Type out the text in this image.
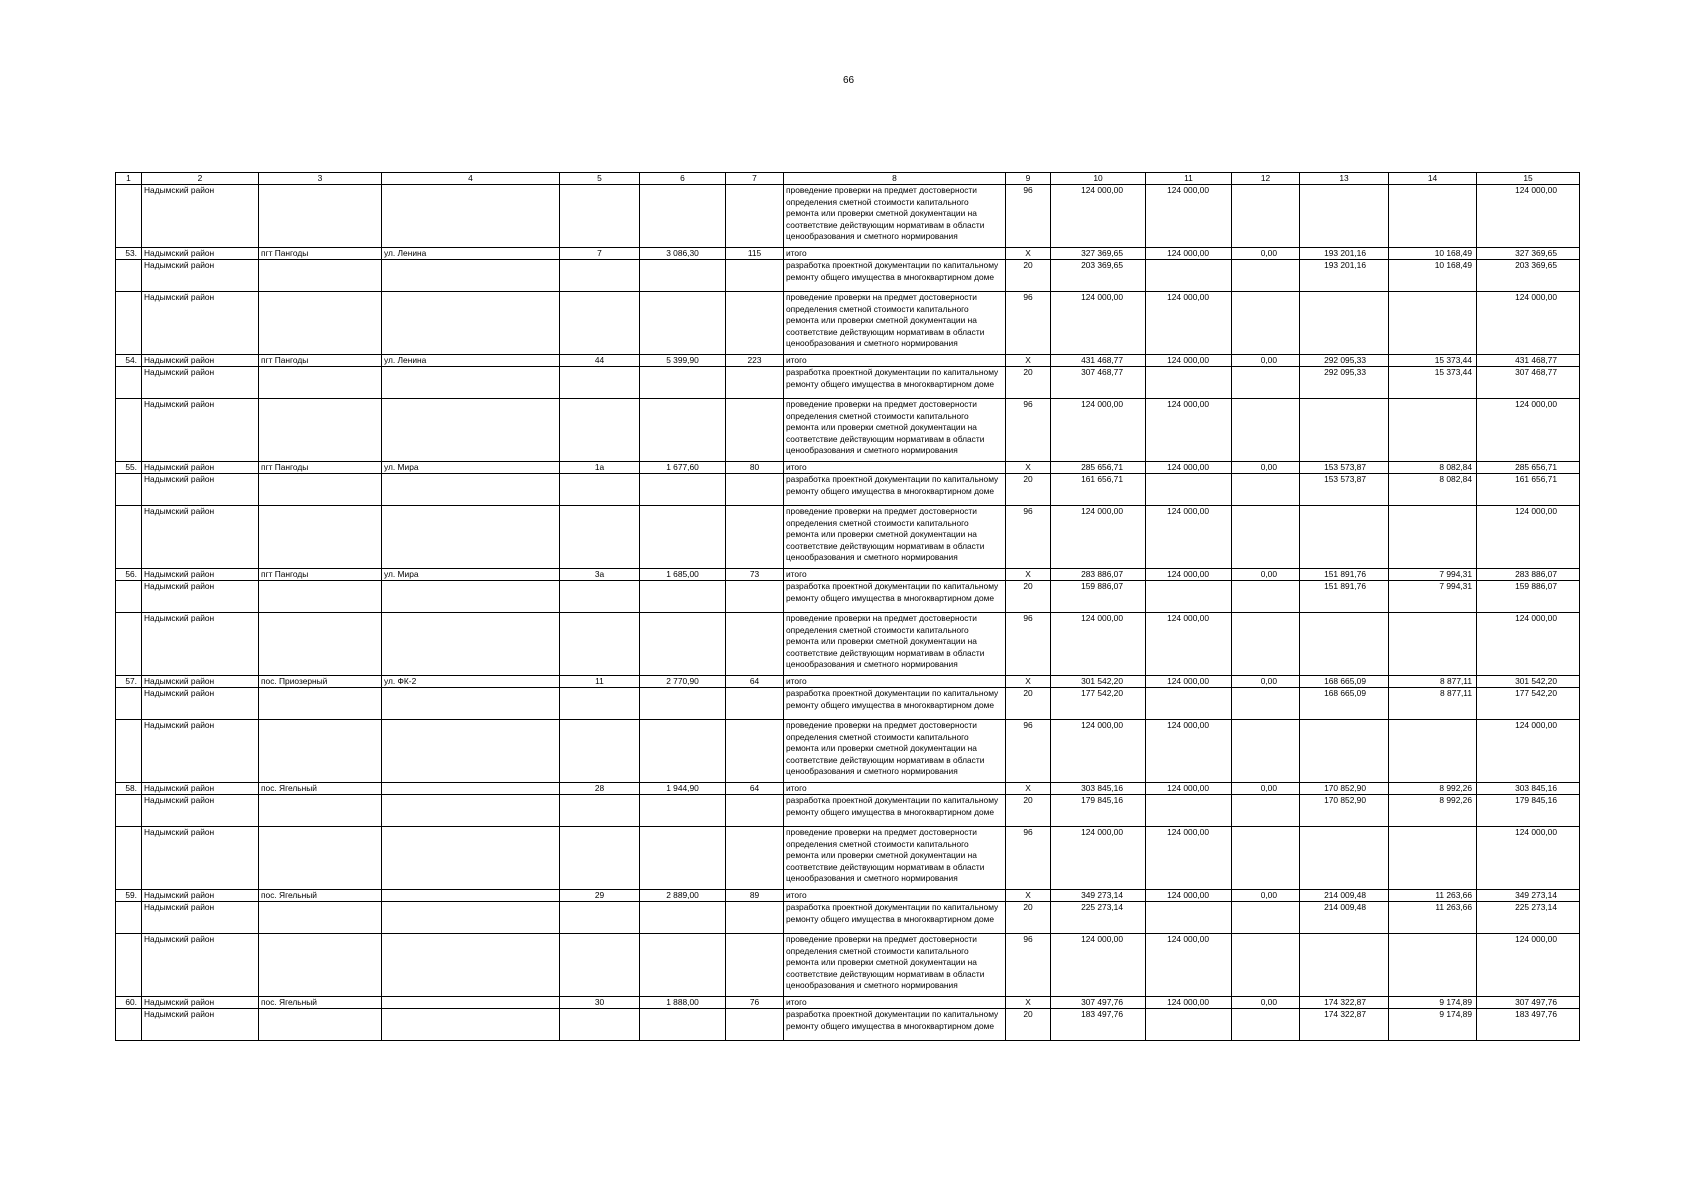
66
1	2	3	4	5	6	7	8	9	10	11	12	13	14	15
	Надымский район						проведение проверки на предмет достоверности определения сметной стоимости капитального ремонта или проверки сметной документации на соответствие действующим нормативам в области ценообразования и сметного нормирования	96	124 000,00	124 000,00				124 000,00
53.	Надымский район	пгт Пангоды	ул. Ленина	7	3 086,30	115	итого	X	327 369,65	124 000,00	0,00	193 201,16	10 168,49	327 369,65
	Надымский район						разработка проектной документации по капитальному ремонту общего имущества в многоквартирном доме	20	203 369,65			193 201,16	10 168,49	203 369,65
	Надымский район						проведение проверки на предмет достоверности определения сметной стоимости капитального ремонта или проверки сметной документации на соответствие действующим нормативам в области ценообразования и сметного нормирования	96	124 000,00	124 000,00				124 000,00
54.	Надымский район	пгт Пангоды	ул. Ленина	44	5 399,90	223	итого	X	431 468,77	124 000,00	0,00	292 095,33	15 373,44	431 468,77
	Надымский район						разработка проектной документации по капитальному ремонту общего имущества в многоквартирном доме	20	307 468,77			292 095,33	15 373,44	307 468,77
	Надымский район						проведение проверки на предмет достоверности определения сметной стоимости капитального ремонта или проверки сметной документации на соответствие действующим нормативам в области ценообразования и сметного нормирования	96	124 000,00	124 000,00				124 000,00
55.	Надымский район	пгт Пангоды	ул. Мира	1а	1 677,60	80	итого	X	285 656,71	124 000,00	0,00	153 573,87	8 082,84	285 656,71
	Надымский район						разработка проектной документации по капитальному ремонту общего имущества в многоквартирном доме	20	161 656,71			153 573,87	8 082,84	161 656,71
	Надымский район						проведение проверки на предмет достоверности определения сметной стоимости капитального ремонта или проверки сметной документации на соответствие действующим нормативам в области ценообразования и сметного нормирования	96	124 000,00	124 000,00				124 000,00
56.	Надымский район	пгт Пангоды	ул. Мира	3а	1 685,00	73	итого	X	283 886,07	124 000,00	0,00	151 891,76	7 994,31	283 886,07
	Надымский район						разработка проектной документации по капитальному ремонту общего имущества в многоквартирном доме	20	159 886,07			151 891,76	7 994,31	159 886,07
	Надымский район						проведение проверки на предмет достоверности определения сметной стоимости капитального ремонта или проверки сметной документации на соответствие действующим нормативам в области ценообразования и сметного нормирования	96	124 000,00	124 000,00				124 000,00
57.	Надымский район	пос. Приозерный	ул. ФК-2	11	2 770,90	64	итого	X	301 542,20	124 000,00	0,00	168 665,09	8 877,11	301 542,20
	Надымский район						разработка проектной документации по капитальному ремонту общего имущества в многоквартирном доме	20	177 542,20			168 665,09	8 877,11	177 542,20
	Надымский район						проведение проверки на предмет достоверности определения сметной стоимости капитального ремонта или проверки сметной документации на соответствие действующим нормативам в области ценообразования и сметного нормирования	96	124 000,00	124 000,00				124 000,00
58.	Надымский район	пос. Ягельный		28	1 944,90	64	итого	X	303 845,16	124 000,00	0,00	170 852,90	8 992,26	303 845,16
	Надымский район						разработка проектной документации по капитальному ремонту общего имущества в многоквартирном доме	20	179 845,16			170 852,90	8 992,26	179 845,16
	Надымский район						проведение проверки на предмет достоверности определения сметной стоимости капитального ремонта или проверки сметной документации на соответствие действующим нормативам в области ценообразования и сметного нормирования	96	124 000,00	124 000,00				124 000,00
59.	Надымский район	пос. Ягельный		29	2 889,00	89	итого	X	349 273,14	124 000,00	0,00	214 009,48	11 263,66	349 273,14
	Надымский район						разработка проектной документации по капитальному ремонту общего имущества в многоквартирном доме	20	225 273,14			214 009,48	11 263,66	225 273,14
	Надымский район						проведение проверки на предмет достоверности определения сметной стоимости капитального ремонта или проверки сметной документации на соответствие действующим нормативам в области ценообразования и сметного нормирования	96	124 000,00	124 000,00				124 000,00
60.	Надымский район	пос. Ягельный		30	1 888,00	76	итого	X	307 497,76	124 000,00	0,00	174 322,87	9 174,89	307 497,76
	Надымский район						разработка проектной документации по капитальному ремонту общего имущества в многоквартирном доме	20	183 497,76			174 322,87	9 174,89	183 497,76
